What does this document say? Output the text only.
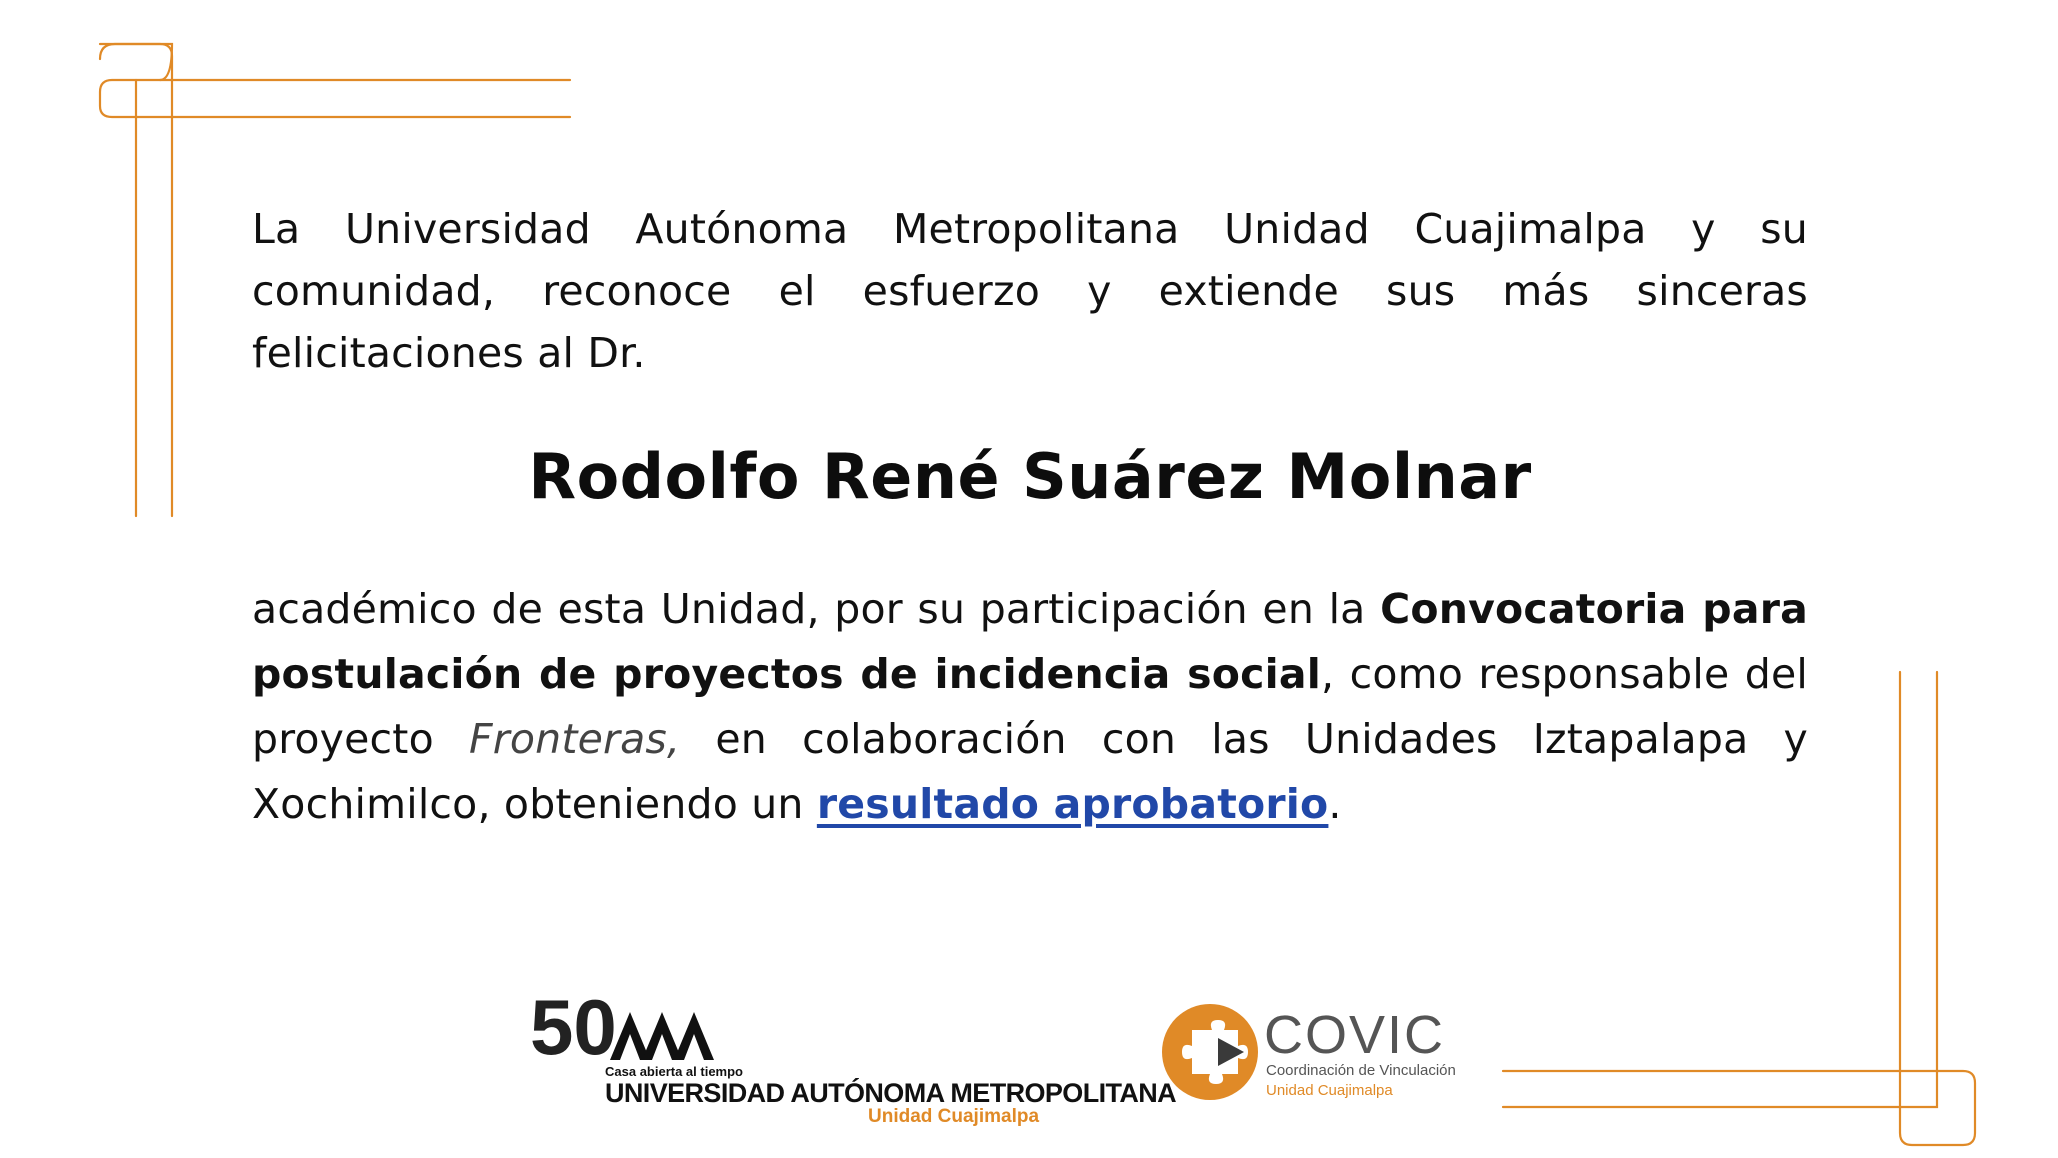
La Universidad Autónoma Metropolitana Unidad Cuajimalpa y su comunidad, reconoce el esfuerzo y extiende sus más sinceras felicitaciones al Dr.

Rodolfo René Suárez Molnar

académico de esta Unidad, por su participación en la Convocatoria para postulación de proyectos de incidencia social, como responsable del proyecto Fronteras, en colaboración con las Unidades Iztapalapa y Xochimilco, obteniendo un resultado aprobatorio.

50
Casa abierta al tiempo
UNIVERSIDAD AUTÓNOMA METROPOLITANA
Unidad Cuajimalpa
COVIC
Coordinación de Vinculación
Unidad Cuajimalpa
